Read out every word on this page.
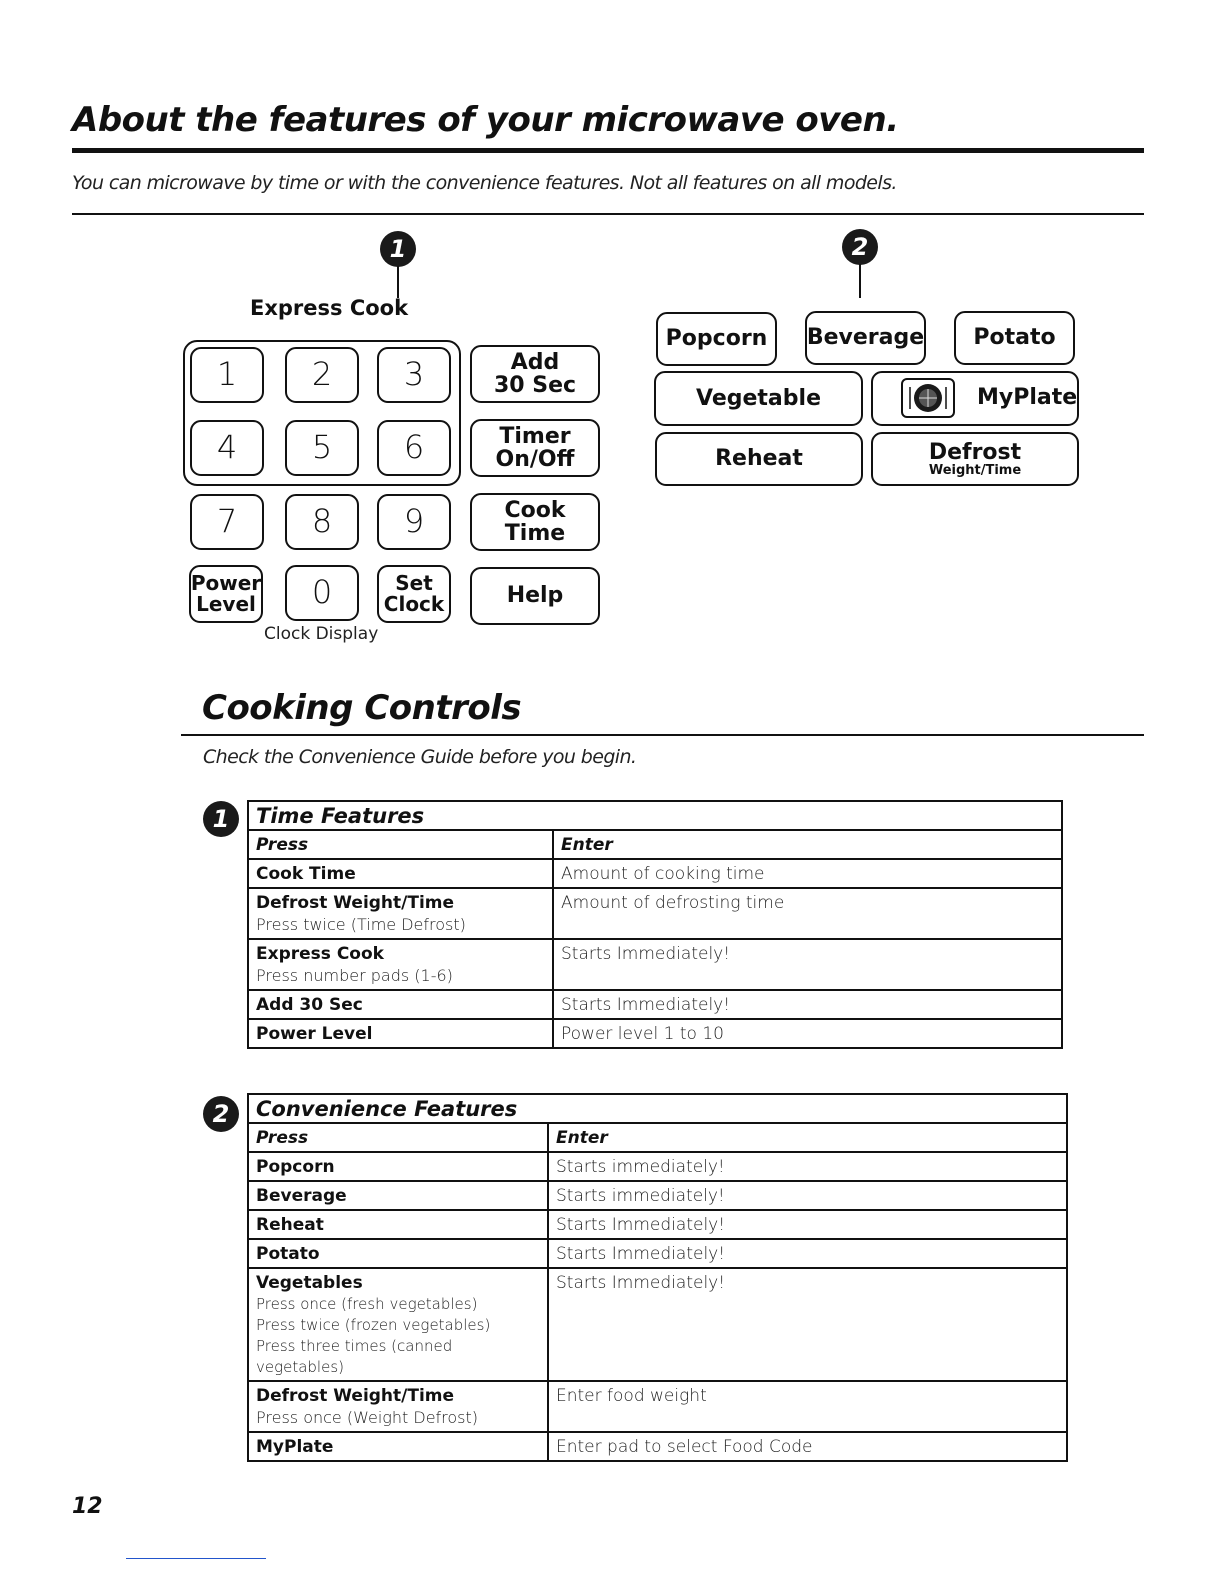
About the features of your microwave oven.
You can microwave by time or with the convenience features. Not all features on all models.
1
Express Cook
1	2	3
4	5	6
7	8	9
Power
Level	0	Set
Clock
Add
30 Sec
Timer
On/Off
Cook
Time
Help
Clock Display
2
Popcorn	Beverage	Potato
Vegetable	MyPlate
Reheat	Defrost
Weight/Time
Cooking Controls
Check the Convenience Guide before you begin.
1	Time Features	
Press	Enter

Cook Time	Amount of cooking time

Defrost Weight/Time
Press twice (Time Defrost)	Amount of defrosting time

Express Cook
Press number pads (1-6)	Starts Immediately!

Add 30 Sec	Starts Immediately!

Power Level	Power level 1 to 10
2	Convenience Features	
Press	Enter

Popcorn	Starts immediately!

Beverage	Starts immediately!

Reheat	Starts Immediately!

Potato	Starts Immediately!

Vegetables
Press once (fresh vegetables)
Press twice (frozen vegetables)
Press three times (canned vegetables)	Starts Immediately!

Defrost Weight/Time
Press once (Weight Defrost)	Enter food weight

MyPlate	Enter pad to select Food Code
12
